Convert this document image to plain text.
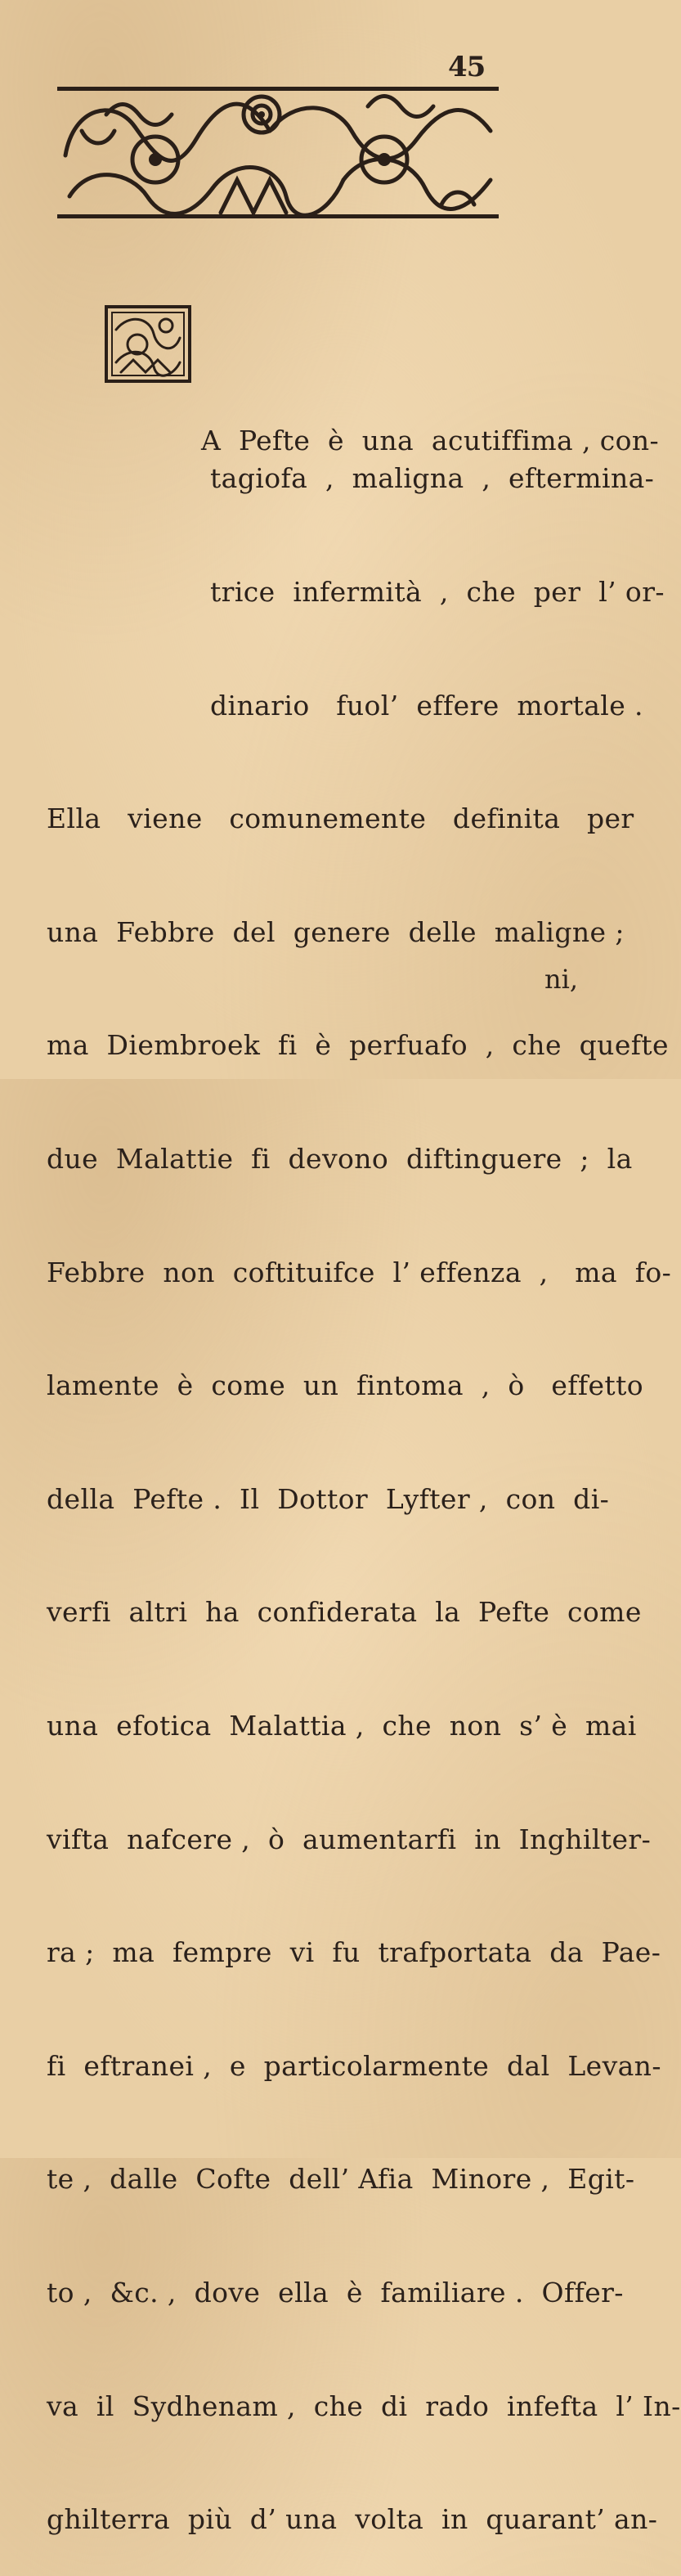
45

A  Pefte  è  una  acutiffima , con-

tagiofa  ,  maligna  ,  eftermina-

trice  infermità  ,  che  per  l’ or-

dinario   fuol’  effere  mortale .

Ella   viene   comunemente   definita   per

una  Febbre  del  genere  delle  maligne ;

ma  Diembroek  fi  è  perfuafo  ,  che  quefte

due  Malattie  fi  devono  diftinguere  ;  la

Febbre  non  coftituifce  l’ effenza  ,   ma  fo-

lamente  è  come  un  fintoma  ,  ò   effetto

della  Pefte .  Il  Dottor  Lyfter ,  con  di-

verfi  altri  ha  confiderata  la  Pefte  come

una  efotica  Malattia ,  che  non  s’ è  mai

vifta  nafcere ,  ò  aumentarfi  in  Inghilter-

ra ;  ma  fempre  vi  fu  trafportata  da  Pae-

fi  eftranei ,  e  particolarmente  dal  Levan-

te ,  dalle  Cofte  dell’ Afia  Minore ,  Egit-

to ,  &c. ,  dove  ella  è  familiare .  Offer-

va  il  Sydhenam ,  che  di  rado  infefta  l’ In-

ghilterra  più  d’ una  volta  in  quarant’ an-

ni,
